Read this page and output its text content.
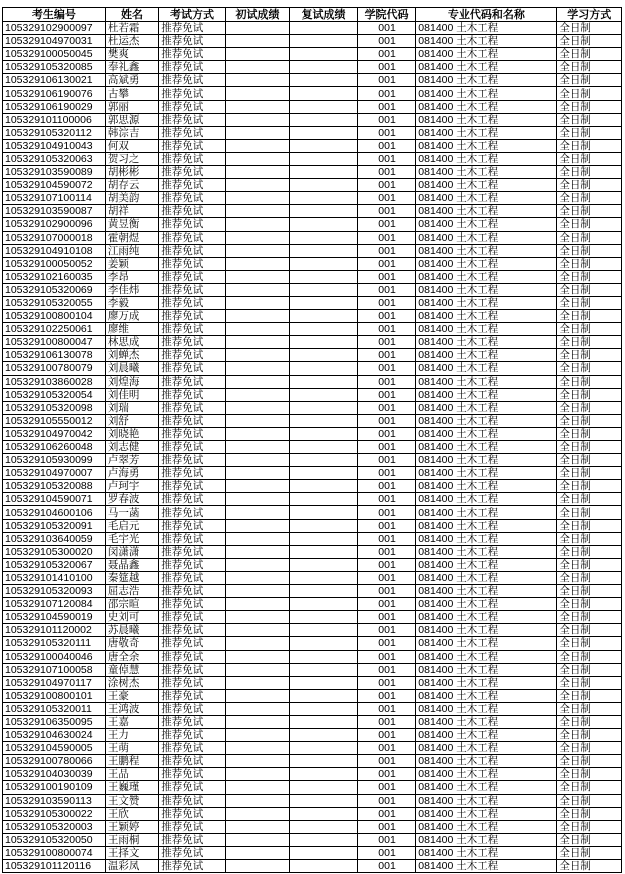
考生编号	姓名	考试方式	初试成绩	复试成绩	学院代码	专业代码和名称	学习方式
105329102900097	杜若霜	推荐免试			001	081400 土木工程	全日制
105329104970031	杜运杰	推荐免试			001	081400 土木工程	全日制
105329100050045	樊爽	推荐免试			001	081400 土木工程	全日制
105329105320085	奉礼鑫	推荐免试			001	081400 土木工程	全日制
105329106130021	高斌勇	推荐免试			001	081400 土木工程	全日制
105329106190076	古攀	推荐免试			001	081400 土木工程	全日制
105329106190029	郭丽	推荐免试			001	081400 土木工程	全日制
105329101100006	郭思源	推荐免试			001	081400 土木工程	全日制
105329105320112	韩淙吉	推荐免试			001	081400 土木工程	全日制
105329104910043	何双	推荐免试			001	081400 土木工程	全日制
105329105320063	贺习之	推荐免试			001	081400 土木工程	全日制
105329103590089	胡彬彬	推荐免试			001	081400 土木工程	全日制
105329104590072	胡存云	推荐免试			001	081400 土木工程	全日制
105329107100114	胡美韵	推荐免试			001	081400 土木工程	全日制
105329103590087	胡祥	推荐免试			001	081400 土木工程	全日制
105329102900096	黄昱衡	推荐免试			001	081400 土木工程	全日制
105329107000018	霍朝煜	推荐免试			001	081400 土木工程	全日制
105329104910108	江雨纯	推荐免试			001	081400 土木工程	全日制
105329100050052	姜颖	推荐免试			001	081400 土木工程	全日制
105329102160035	李昂	推荐免试			001	081400 土木工程	全日制
105329105320069	李佳炜	推荐免试			001	081400 土木工程	全日制
105329105320055	李毅	推荐免试			001	081400 土木工程	全日制
105329100800104	廖万成	推荐免试			001	081400 土木工程	全日制
105329102250061	廖维	推荐免试			001	081400 土木工程	全日制
105329100800047	林思成	推荐免试			001	081400 土木工程	全日制
105329106130078	刘蝉杰	推荐免试			001	081400 土木工程	全日制
105329100780079	刘晨曦	推荐免试			001	081400 土木工程	全日制
105329103860028	刘煌海	推荐免试			001	081400 土木工程	全日制
105329105320054	刘佳明	推荐免试			001	081400 土木工程	全日制
105329105320098	刘瑞	推荐免试			001	081400 土木工程	全日制
105329105550012	刘舒	推荐免试			001	081400 土木工程	全日制
105329104970042	刘晓艳	推荐免试			001	081400 土木工程	全日制
105329106260048	刘志健	推荐免试			001	081400 土木工程	全日制
105329105930099	卢翠芳	推荐免试			001	081400 土木工程	全日制
105329104970007	卢海勇	推荐免试			001	081400 土木工程	全日制
105329105320088	卢珂宇	推荐免试			001	081400 土木工程	全日制
105329104590071	罗春波	推荐免试			001	081400 土木工程	全日制
105329104600106	马一菡	推荐免试			001	081400 土木工程	全日制
105329105320091	毛启元	推荐免试			001	081400 土木工程	全日制
105329103640059	毛宇光	推荐免试			001	081400 土木工程	全日制
105329105300020	闵潇潇	推荐免试			001	081400 土木工程	全日制
105329105320067	聂晶鑫	推荐免试			001	081400 土木工程	全日制
105329101410100	秦筵越	推荐免试			001	081400 土木工程	全日制
105329105320093	屈志浩	推荐免试			001	081400 土木工程	全日制
105329107120084	邵宗暄	推荐免试			001	081400 土木工程	全日制
105329104590019	史刘可	推荐免试			001	081400 土木工程	全日制
105329101120002	苏晨曦	推荐免试			001	081400 土木工程	全日制
105329105320111	唐敬奇	推荐免试			001	081400 土木工程	全日制
105329100040046	唐全余	推荐免试			001	081400 土木工程	全日制
105329107100058	童倬慧	推荐免试			001	081400 土木工程	全日制
105329104970117	涂树杰	推荐免试			001	081400 土木工程	全日制
105329100800101	王豪	推荐免试			001	081400 土木工程	全日制
105329105320011	王鸿波	推荐免试			001	081400 土木工程	全日制
105329106350095	王嘉	推荐免试			001	081400 土木工程	全日制
105329104630024	王力	推荐免试			001	081400 土木工程	全日制
105329104590005	王萌	推荐免试			001	081400 土木工程	全日制
105329100780066	王鹏程	推荐免试			001	081400 土木工程	全日制
105329104030039	王品	推荐免试			001	081400 土木工程	全日制
105329100190109	王巍瑾	推荐免试			001	081400 土木工程	全日制
105329103590113	王文赞	推荐免试			001	081400 土木工程	全日制
105329105300022	王欣	推荐免试			001	081400 土木工程	全日制
105329105320003	王颖婷	推荐免试			001	081400 土木工程	全日制
105329105320050	王雨桐	推荐免试			001	081400 土木工程	全日制
105329100800074	王择文	推荐免试			001	081400 土木工程	全日制
105329101120116	温彩凤	推荐免试			001	081400 土木工程	全日制
